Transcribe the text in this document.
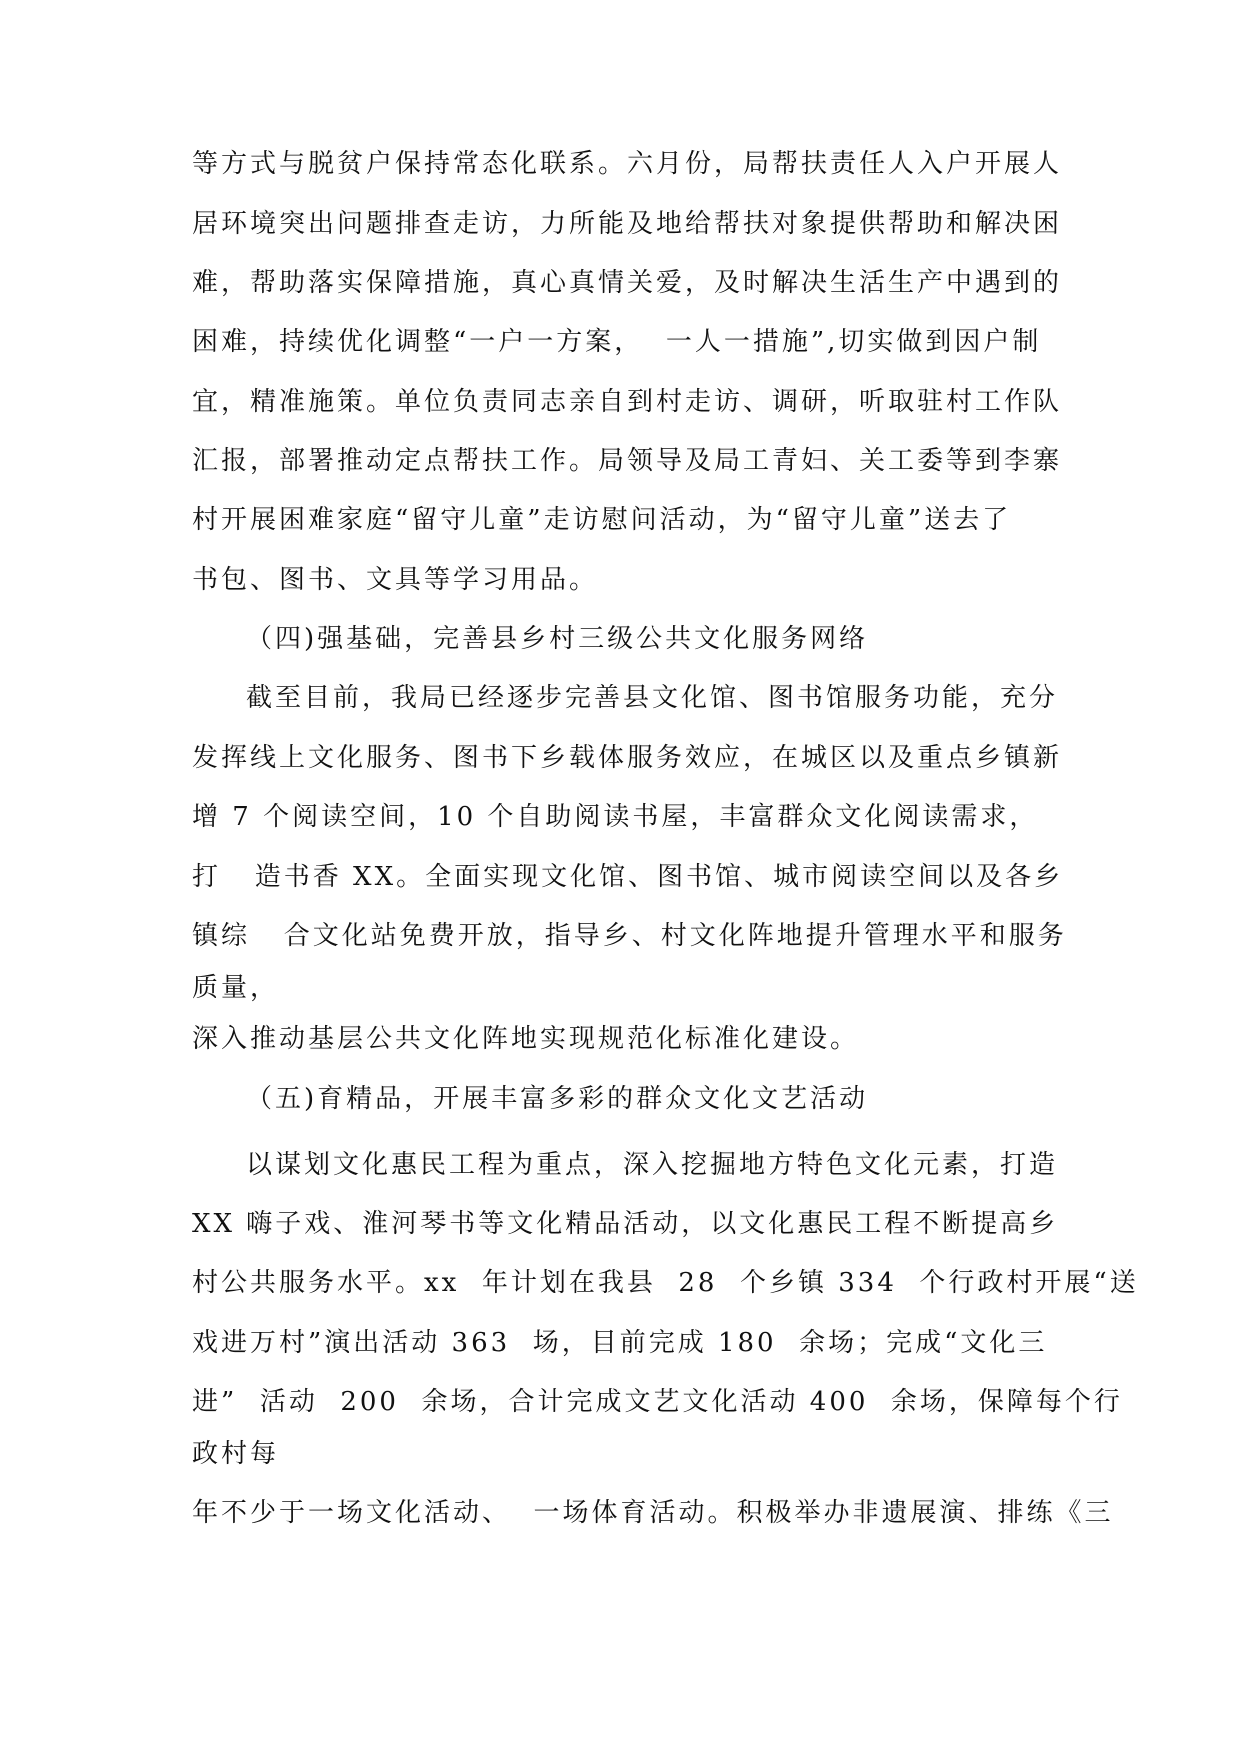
等方式与脱贫户保持常态化联系。六月份，局帮扶责任人入户开展人
居环境突出问题排查走访，力所能及地给帮扶对象提供帮助和解决困
难，帮助落实保障措施，真心真情关爱，及时解决生活生产中遇到的
困难，持续优化调整“一户一方案，  一人一措施”,切实做到因户制
宜，精准施策。单位负责同志亲自到村走访、调研，听取驻村工作队
汇报，部署推动定点帮扶工作。局领导及局工青妇、关工委等到李寨
村开展困难家庭“留守儿童”走访慰问活动，为“留守儿童”送去了
书包、图书、文具等学习用品。
（四)强基础，完善县乡村三级公共文化服务网络
截至目前，我局已经逐步完善县文化馆、图书馆服务功能，充分
发挥线上文化服务、图书下乡载体服务效应，在城区以及重点乡镇新
增 7 个阅读空间，10 个自助阅读书屋，丰富群众文化阅读需求，
打   造书香 XX。全面实现文化馆、图书馆、城市阅读空间以及各乡
镇综   合文化站免费开放，指导乡、村文化阵地提升管理水平和服务
质量，
深入推动基层公共文化阵地实现规范化标准化建设。
（五)育精品，开展丰富多彩的群众文化文艺活动
以谋划文化惠民工程为重点，深入挖掘地方特色文化元素，打造
XX 嗨子戏、淮河琴书等文化精品活动，以文化惠民工程不断提高乡
村公共服务水平。xx  年计划在我县  28  个乡镇 334  个行政村开展“送
戏进万村”演出活动 363  场，目前完成 180  余场；完成“文化三
进”  活动  200  余场，合计完成文艺文化活动 400  余场，保障每个行
政村每
年不少于一场文化活动、  一场体育活动。积极举办非遗展演、排练《三
